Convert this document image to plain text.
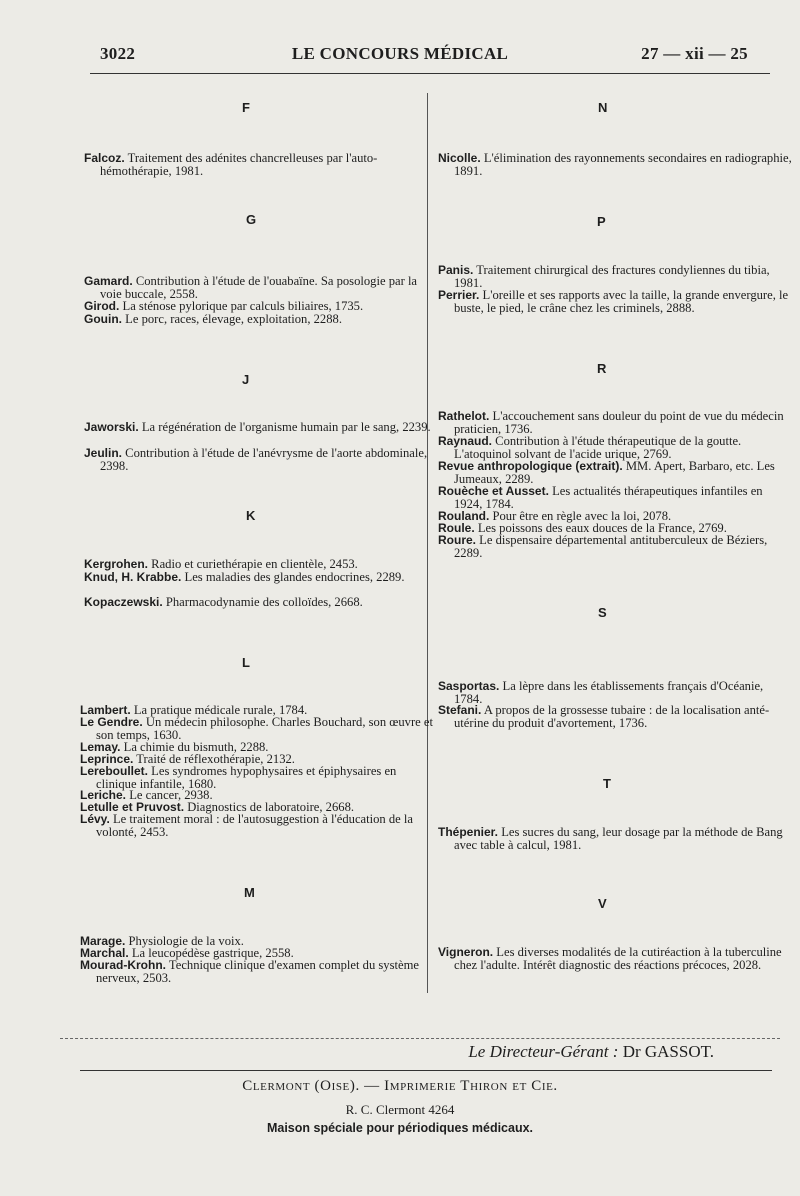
3022	LE CONCOURS MÉDICAL	27 — xii — 25
F
Falcoz. Traitement des adénites chancrelleuses par l'auto-hémothérapie, 1981.
G
Gamard. Contribution à l'étude de l'ouabaïne. Sa posologie par la voie buccale, 2558.
Girod. La sténose pylorique par calculs biliaires, 1735.
Gouin. Le porc, races, élevage, exploitation, 2288.
J
Jaworski. La régénération de l'organisme humain par le sang, 2239.
Jeulin. Contribution à l'étude de l'anévrysme de l'aorte abdominale, 2398.
K
Kergrohen. Radio et curiethérapie en clientèle, 2453.
Knud, H. Krabbe. Les maladies des glandes endocrines, 2289.
Kopaczewski. Pharmacodynamie des colloïdes, 2668.
L
Lambert. La pratique médicale rurale, 1784.
Le Gendre. Un médecin philosophe. Charles Bouchard, son œuvre et son temps, 1630.
Lemay. La chimie du bismuth, 2288.
Leprince. Traité de réflexothérapie, 2132.
Lereboullet. Les syndromes hypophysaires et épiphysaires en clinique infantile, 1680.
Leriche. Le cancer, 2938.
Letulle et Pruvost. Diagnostics de laboratoire, 2668.
Lévy. Le traitement moral : de l'autosuggestion à l'éducation de la volonté, 2453.
M
Marage. Physiologie de la voix.
Marchal. La leucopédèse gastrique, 2558.
Mourad-Krohn. Technique clinique d'examen complet du système nerveux, 2503.
N
Nicolle. L'élimination des rayonnements secondaires en radiographie, 1891.
P
Panis. Traitement chirurgical des fractures condyliennes du tibia, 1981.
Perrier. L'oreille et ses rapports avec la taille, la grande envergure, le buste, le pied, le crâne chez les criminels, 2888.
R
Rathelot. L'accouchement sans douleur du point de vue du médecin praticien, 1736.
Raynaud. Contribution à l'étude thérapeutique de la goutte. L'atoquinol solvant de l'acide urique, 2769.
Revue anthropologique (extrait). MM. Apert, Barbaro, etc. Les Jumeaux, 2289.
Rouèche et Ausset. Les actualités thérapeutiques infantiles en 1924, 1784.
Rouland. Pour être en règle avec la loi, 2078.
Roule. Les poissons des eaux douces de la France, 2769.
Roure. Le dispensaire départemental antituberculeux de Béziers, 2289.
S
Sasportas. La lèpre dans les établissements français d'Océanie, 1784.
Stefani. A propos de la grossesse tubaire : de la localisation anté-utérine du produit d'avortement, 1736.
T
Thépenier. Les sucres du sang, leur dosage par la méthode de Bang avec table à calcul, 1981.
V
Vigneron. Les diverses modalités de la cutiréaction à la tuberculine chez l'adulte. Intérêt diagnostic des réactions précoces, 2028.
Le Directeur-Gérant : Dr GASSOT.
Clermont (Oise). — Imprimerie Thiron et Cie.
R. C. Clermont 4264
Maison spéciale pour périodiques médicaux.
